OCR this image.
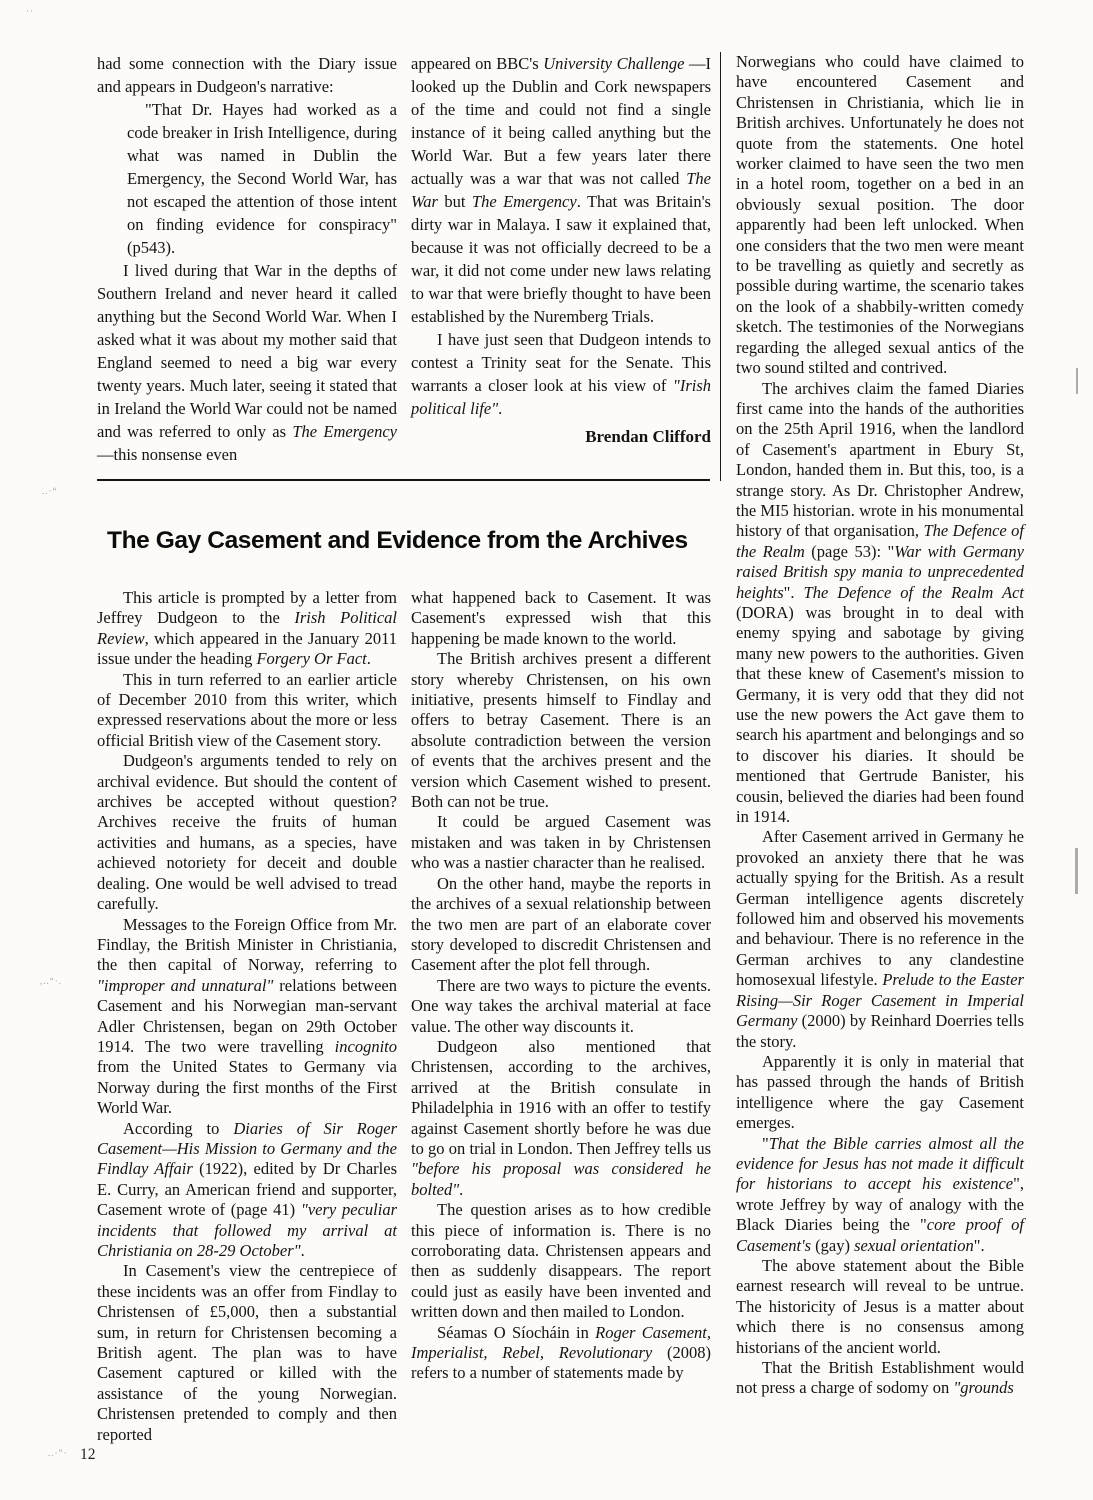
had some connection with the Diary issue and appears in Dudgeon's narrative:

"That Dr. Hayes had worked as a code breaker in Irish Intelligence, during what was named in Dublin the Emergency, the Second World War, has not escaped the attention of those intent on finding evidence for conspiracy" (p543).

I lived during that War in the depths of Southern Ireland and never heard it called anything but the Second World War. When I asked what it was about my mother said that England seemed to need a big war every twenty years. Much later, seeing it stated that in Ireland the World War could not be named and was referred to only as The Emergency—this nonsense even

appeared on BBC's University Challenge —I looked up the Dublin and Cork newspapers of the time and could not find a single instance of it being called anything but the World War. But a few years later there actually was a war that was not called The War but The Emergency. That was Britain's dirty war in Malaya. I saw it explained that, because it was not officially decreed to be a war, it did not come under new laws relating to war that were briefly thought to have been established by the Nuremberg Trials.

I have just seen that Dudgeon intends to contest a Trinity seat for the Senate. This warrants a closer look at his view of "Irish political life".

Brendan Clifford

The Gay Casement and Evidence from the Archives

This article is prompted by a letter from Jeffrey Dudgeon to the Irish Political Review, which appeared in the January 2011 issue under the heading Forgery Or Fact.

This in turn referred to an earlier article of December 2010 from this writer, which expressed reservations about the more or less official British view of the Casement story.

Dudgeon's arguments tended to rely on archival evidence. But should the content of archives be accepted without question? Archives receive the fruits of human activities and humans, as a species, have achieved notoriety for deceit and double dealing. One would be well advised to tread carefully.

Messages to the Foreign Office from Mr. Findlay, the British Minister in Christiania, the then capital of Norway, referring to "improper and unnatural" relations between Casement and his Norwegian man-servant Adler Christensen, began on 29th October 1914. The two were travelling incognito from the United States to Germany via Norway during the first months of the First World War.

According to Diaries of Sir Roger Casement—His Mission to Germany and the Findlay Affair (1922), edited by Dr Charles E. Curry, an American friend and supporter, Casement wrote of (page 41) "very peculiar incidents that followed my arrival at Christiania on 28-29 October".

In Casement's view the centrepiece of these incidents was an offer from Findlay to Christensen of £5,000, then a substantial sum, in return for Christensen becoming a British agent. The plan was to have Casement captured or killed with the assistance of the young Norwegian. Christensen pretended to comply and then reported

what happened back to Casement. It was Casement's expressed wish that this happening be made known to the world.

The British archives present a different story whereby Christensen, on his own initiative, presents himself to Findlay and offers to betray Casement. There is an absolute contradiction between the version of events that the archives present and the version which Casement wished to present. Both can not be true.

It could be argued Casement was mistaken and was taken in by Christensen who was a nastier character than he realised.

On the other hand, maybe the reports in the archives of a sexual relationship between the two men are part of an elaborate cover story developed to discredit Christensen and Casement after the plot fell through.

There are two ways to picture the events. One way takes the archival material at face value. The other way discounts it.

Dudgeon also mentioned that Christensen, according to the archives, arrived at the British consulate in Philadelphia in 1916 with an offer to testify against Casement shortly before he was due to go on trial in London. Then Jeffrey tells us "before his proposal was considered he bolted".

The question arises as to how credible this piece of information is. There is no corroborating data. Christensen appears and then as suddenly disappears. The report could just as easily have been invented and written down and then mailed to London.

Séamas O Síocháin in Roger Casement, Imperialist, Rebel, Revolutionary (2008) refers to a number of statements made by

Norwegians who could have claimed to have encountered Casement and Christensen in Christiania, which lie in British archives. Unfortunately he does not quote from the statements. One hotel worker claimed to have seen the two men in a hotel room, together on a bed in an obviously sexual position. The door apparently had been left unlocked. When one considers that the two men were meant to be travelling as quietly and secretly as possible during wartime, the scenario takes on the look of a shabbily-written comedy sketch. The testimonies of the Norwegians regarding the alleged sexual antics of the two sound stilted and contrived.

The archives claim the famed Diaries first came into the hands of the authorities on the 25th April 1916, when the landlord of Casement's apartment in Ebury St, London, handed them in. But this, too, is a strange story. As Dr. Christopher Andrew, the MI5 historian. wrote in his monumental history of that organisation, The Defence of the Realm (page 53): "War with Germany raised British spy mania to unprecedented heights". The Defence of the Realm Act (DORA) was brought in to deal with enemy spying and sabotage by giving many new powers to the authorities. Given that these knew of Casement's mission to Germany, it is very odd that they did not use the new powers the Act gave them to search his apartment and belongings and so to discover his diaries. It should be mentioned that Gertrude Banister, his cousin, believed the diaries had been found in 1914.

After Casement arrived in Germany he provoked an anxiety there that he was actually spying for the British. As a result German intelligence agents discretely followed him and observed his movements and behaviour. There is no reference in the German archives to any clandestine homosexual lifestyle. Prelude to the Easter Rising—Sir Roger Casement in Imperial Germany (2000) by Reinhard Doerries tells the story.

Apparently it is only in material that has passed through the hands of British intelligence where the gay Casement emerges.

"That the Bible carries almost all the evidence for Jesus has not made it difficult for historians to accept his existence", wrote Jeffrey by way of analogy with the Black Diaries being the "core proof of Casement's (gay) sexual orientation".

The above statement about the Bible earnest research will reveal to be untrue. The historicity of Jesus is a matter about which there is no consensus among historians of the ancient world.

That the British Establishment would not press a charge of sodomy on "grounds

12
..·“
,..“·.
..·”·
··
